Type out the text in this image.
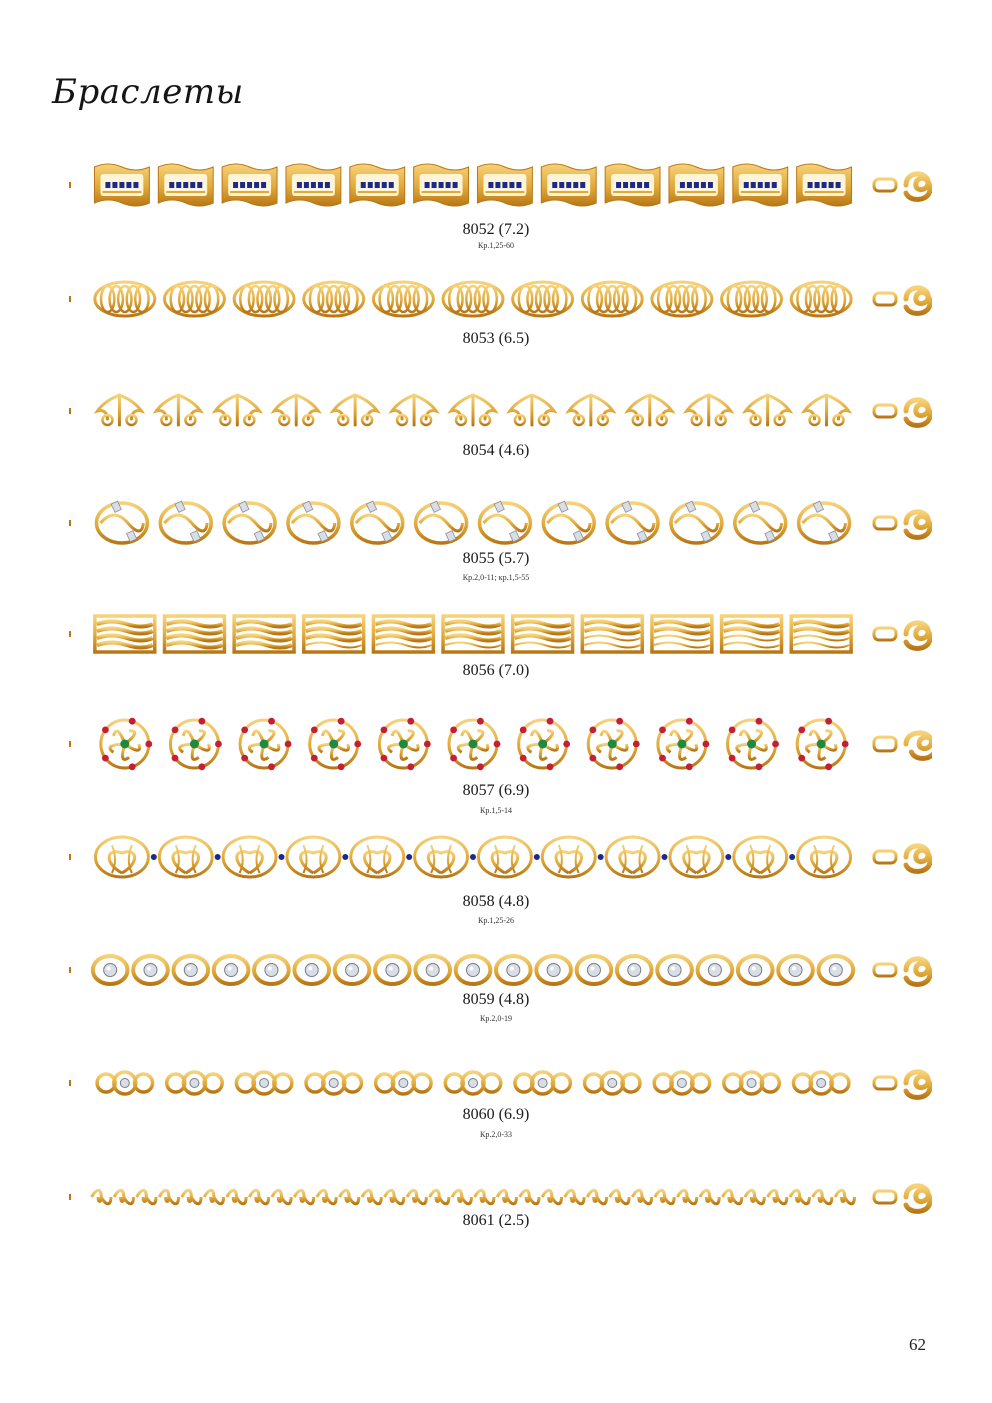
Браслеты
8052 (7.2)
Кр.1,25-60
8053 (6.5)
8054 (4.6)
8055 (5.7)
Кр.2,0-11; кр.1,5-55
8056 (7.0)
8057 (6.9)
Кр.1,5-14
8058 (4.8)
Кр.1,25-26
8059 (4.8)
Кр.2,0-19
8060 (6.9)
Кр.2,0-33
8061 (2.5)
62
